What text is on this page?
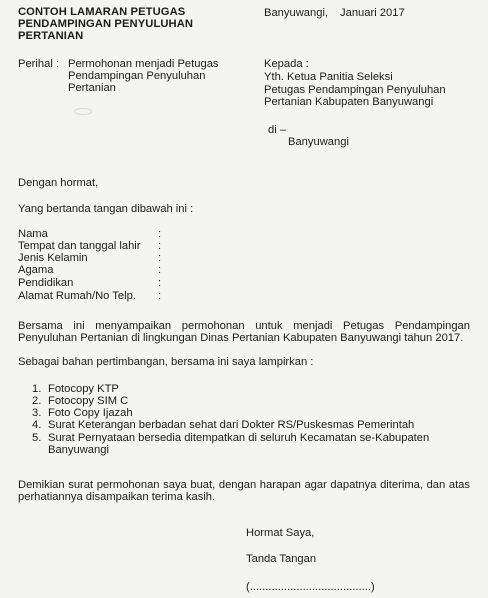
CONTOH LAMARAN PETUGAS
PENDAMPINGAN PENYULUHAN
PERTANIAN
Banyuwangi, Januari 2017
Perihal : Permohonan menjadi Petugas
Pendampingan Penyuluhan
Pertanian
Kepada :
Yth. Ketua Panitia Seleksi
Petugas Pendampingan Penyuluhan
Pertanian Kabupaten Banyuwangi
di –
Banyuwangi
Dengan hormat,
Yang bertanda tangan dibawah ini :
Nama	:
Tempat dan tanggal lahir :
Jenis Kelamin	:
Agama	:
Pendidikan	:
Alamat Rumah/No Telp. :
Bersama ini menyampaikan permohonan untuk menjadi Petugas Pendampingan Penyuluhan Pertanian di lingkungan Dinas Pertanian Kabupaten Banyuwangi tahun 2017.
Sebagai bahan pertimbangan, bersama ini saya lampirkan :
1. Fotocopy KTP
2. Fotocopy SIM C
3. Foto Copy Ijazah
4. Surat Keterangan berbadan sehat dari Dokter RS/Puskesmas Pemerintah
5. Surat Pernyataan bersedia ditempatkan di seluruh Kecamatan se-Kabupaten
Banyuwangi
Demikian surat permohonan saya buat, dengan harapan agar dapatnya diterima, dan atas perhatiannya disampaikan terima kasih.
Hormat Saya,
Tanda Tangan
(.......................................)
